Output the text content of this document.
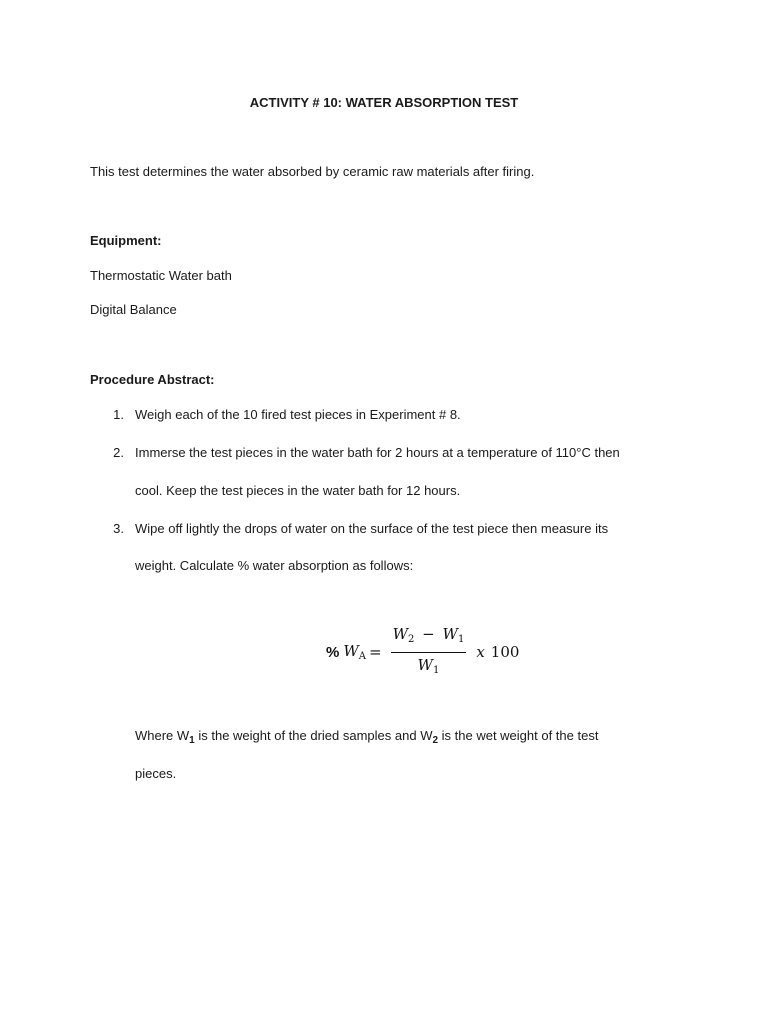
ACTIVITY # 10: WATER ABSORPTION TEST

This test determines the water absorbed by ceramic raw materials after firing.

Equipment:

Thermostatic Water bath

Digital Balance

Procedure Abstract:

1. Weigh each of the 10 fired test pieces in Experiment # 8.

2. Immerse the test pieces in the water bath for 2 hours at a temperature of 110°C then

cool. Keep the test pieces in the water bath for 12 hours.

3. Wipe off lightly the drops of water on the surface of the test piece then measure its

weight. Calculate % water absorption as follows:

% $W_A = \frac{W_2 - W_1}{W_1}$ x 100

Where $W_1$ is the weight of the dried samples and $W_2$ is the wet weight of the test

pieces.
